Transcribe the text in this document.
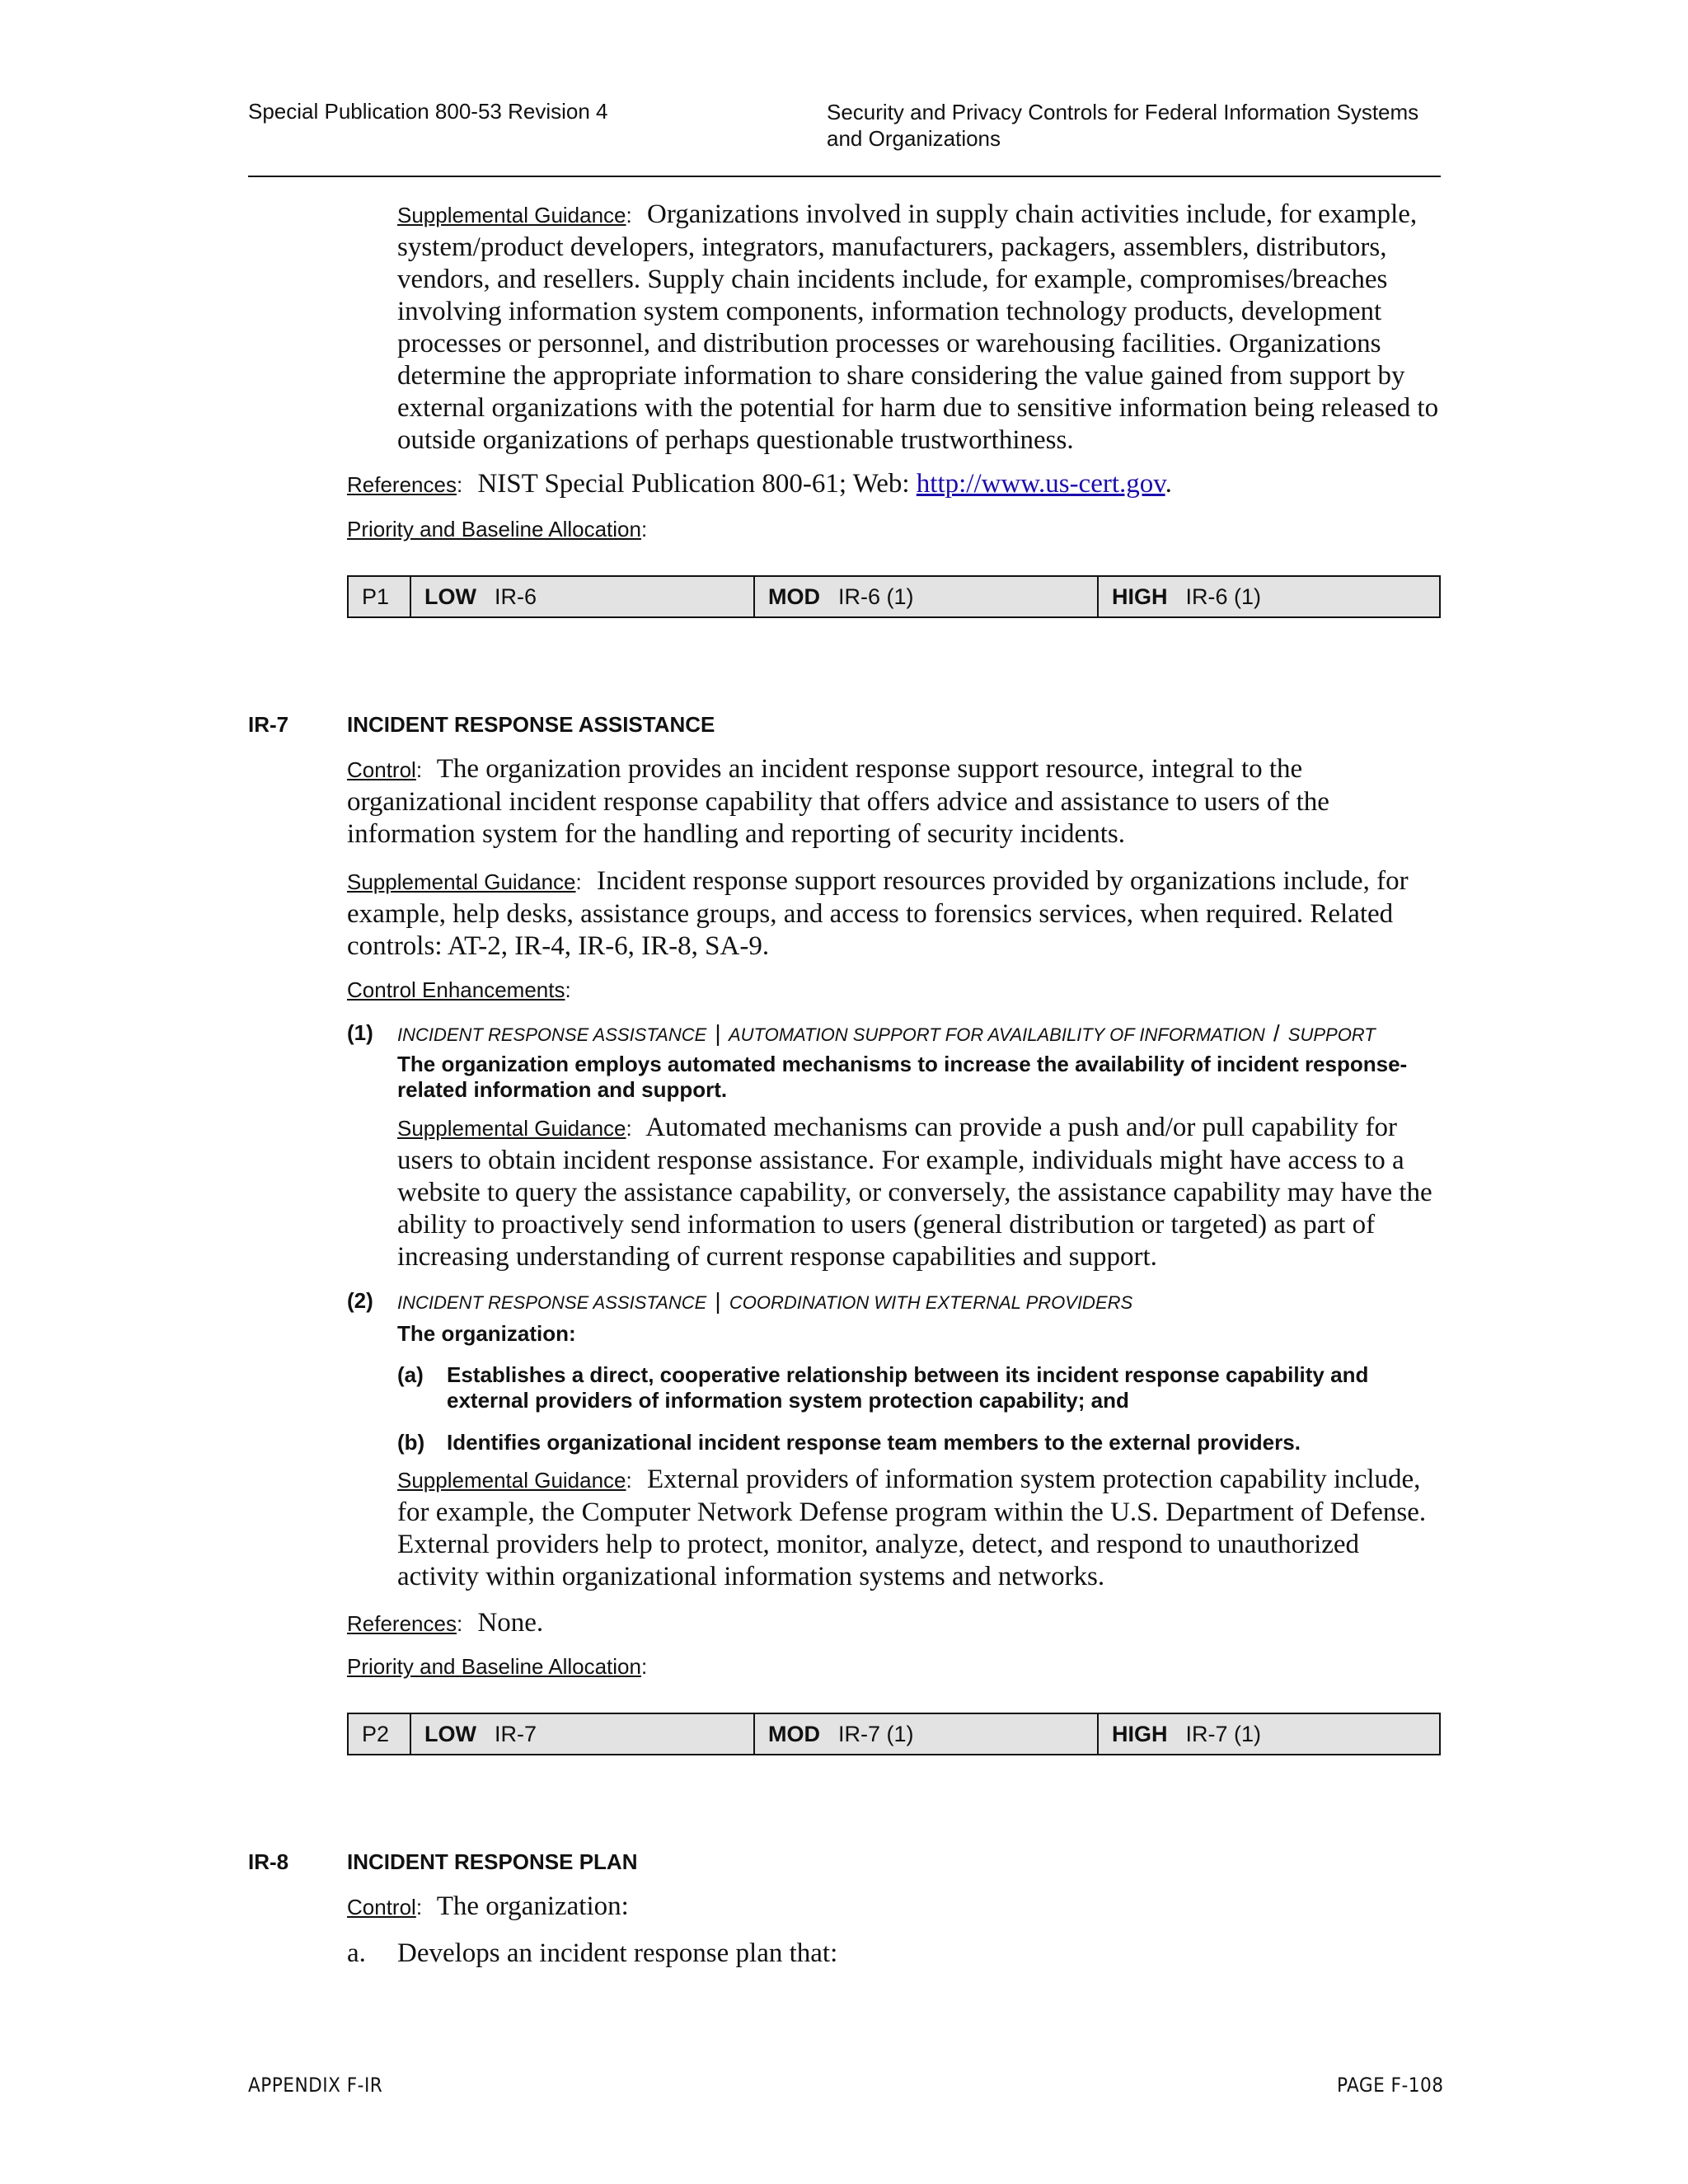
Special Publication 800-53 Revision 4	Security and Privacy Controls for Federal Information Systems and Organizations
Supplemental Guidance: Organizations involved in supply chain activities include, for example, system/product developers, integrators, manufacturers, packagers, assemblers, distributors, vendors, and resellers. Supply chain incidents include, for example, compromises/breaches involving information system components, information technology products, development processes or personnel, and distribution processes or warehousing facilities. Organizations determine the appropriate information to share considering the value gained from support by external organizations with the potential for harm due to sensitive information being released to outside organizations of perhaps questionable trustworthiness.
References: NIST Special Publication 800-61; Web: http://www.us-cert.gov.
Priority and Baseline Allocation:
P1	LOW IR-6	MOD IR-6 (1)	HIGH IR-6 (1)
IR-7	INCIDENT RESPONSE ASSISTANCE
Control: The organization provides an incident response support resource, integral to the organizational incident response capability that offers advice and assistance to users of the information system for the handling and reporting of security incidents.
Supplemental Guidance: Incident response support resources provided by organizations include, for example, help desks, assistance groups, and access to forensics services, when required. Related controls: AT-2, IR-4, IR-6, IR-8, SA-9.
Control Enhancements:
(1) INCIDENT RESPONSE ASSISTANCE | AUTOMATION SUPPORT FOR AVAILABILITY OF INFORMATION / SUPPORT
The organization employs automated mechanisms to increase the availability of incident response-related information and support.
Supplemental Guidance: Automated mechanisms can provide a push and/or pull capability for users to obtain incident response assistance. For example, individuals might have access to a website to query the assistance capability, or conversely, the assistance capability may have the ability to proactively send information to users (general distribution or targeted) as part of increasing understanding of current response capabilities and support.
(2) INCIDENT RESPONSE ASSISTANCE | COORDINATION WITH EXTERNAL PROVIDERS
The organization:
(a) Establishes a direct, cooperative relationship between its incident response capability and external providers of information system protection capability; and
(b) Identifies organizational incident response team members to the external providers.
Supplemental Guidance: External providers of information system protection capability include, for example, the Computer Network Defense program within the U.S. Department of Defense. External providers help to protect, monitor, analyze, detect, and respond to unauthorized activity within organizational information systems and networks.
References: None.
Priority and Baseline Allocation:
P2	LOW IR-7	MOD IR-7 (1)	HIGH IR-7 (1)
IR-8	INCIDENT RESPONSE PLAN
Control: The organization:
a. Develops an incident response plan that:
APPENDIX F-IR	PAGE F-108
